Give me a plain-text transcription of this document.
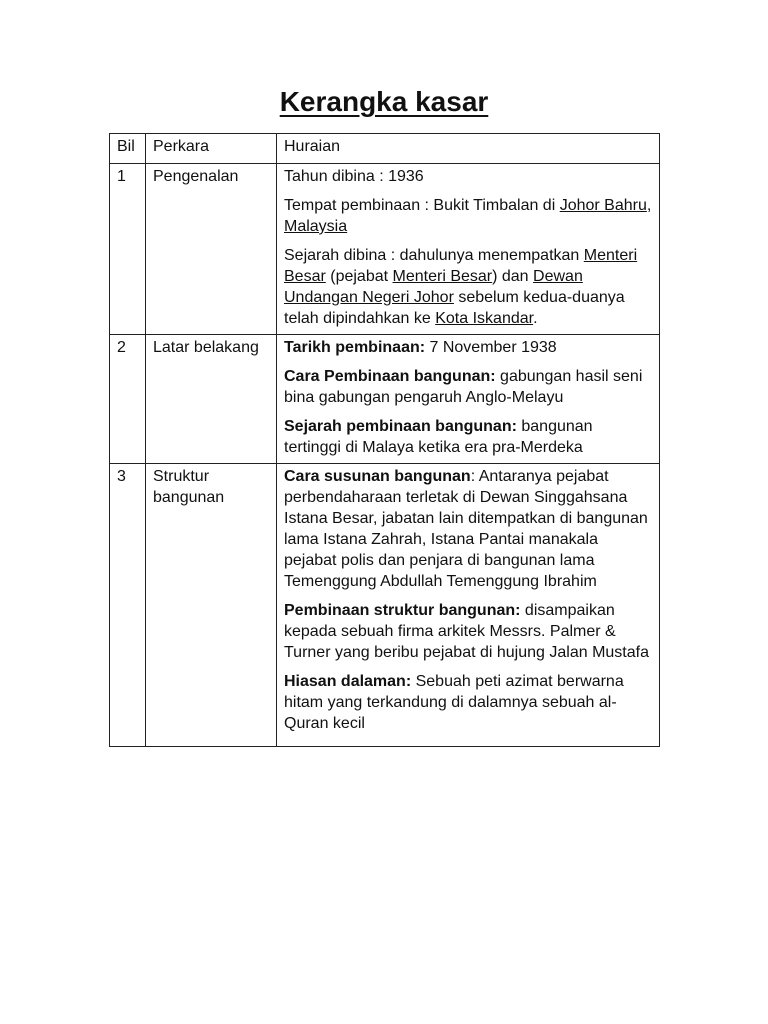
Kerangka kasar
Bil	Perkara	Huraian
1	Pengenalan	Tahun dibina : 1936

Tempat pembinaan : Bukit Timbalan di Johor Bahru, Malaysia

Sejarah dibina : dahulunya menempatkan Menteri Besar (pejabat Menteri Besar) dan Dewan Undangan Negeri Johor sebelum kedua-duanya telah dipindahkan ke Kota Iskandar.

2	Latar belakang	Tarikh pembinaan: 7 November 1938

Cara Pembinaan bangunan: gabungan hasil seni bina gabungan pengaruh Anglo-Melayu

Sejarah pembinaan bangunan: bangunan tertinggi di Malaya ketika era pra-Merdeka

3	Struktur bangunan	Cara susunan bangunan: Antaranya pejabat perbendaharaan terletak di Dewan Singgahsana Istana Besar, jabatan lain ditempatkan di bangunan lama Istana Zahrah, Istana Pantai manakala pejabat polis dan penjara di bangunan lama Temenggung Abdullah Temenggung Ibrahim

Pembinaan struktur bangunan: disampaikan kepada sebuah firma arkitek Messrs. Palmer & Turner yang beribu pejabat di hujung Jalan Mustafa

Hiasan dalaman: Sebuah peti azimat berwarna hitam yang terkandung di dalamnya sebuah al-Quran kecil
